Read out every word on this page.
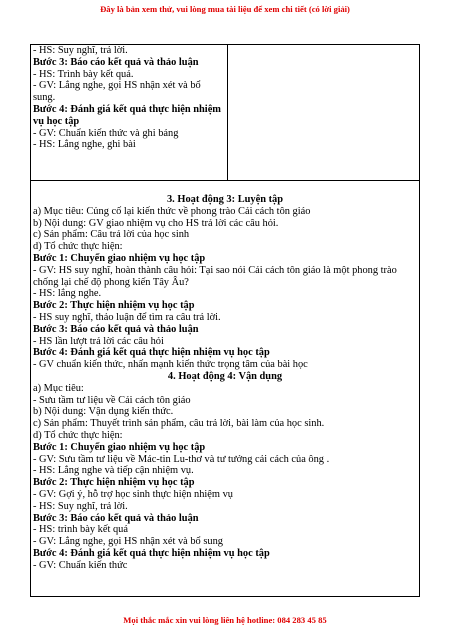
Đây là bản xem thử, vui lòng mua tài liệu để xem chi tiết (có lời giải)

- HS: Suy nghĩ, trả lời.

Bước 3: Báo cáo kết quả và thảo luận

- HS: Trình bày kết quả.

- GV: Lắng nghe, gọi HS nhận xét và bổ sung.

Bước 4: Đánh giá kết quả thực hiện nhiệm vụ học tập

- GV: Chuẩn kiến thức và ghi bảng

- HS: Lắng nghe, ghi bài

3. Hoạt động 3: Luyện tập

a) Mục tiêu: Củng cố lại kiến thức về phong trào Cải cách tôn giáo

b) Nội dung: GV giao nhiệm vụ cho HS trả lời các câu hỏi.

c) Sản phẩm: Câu trả lời của học sinh

d) Tổ chức thực hiện:

Bước 1: Chuyển giao nhiệm vụ học tập

- GV: HS suy nghĩ, hoàn thành câu hỏi: Tại sao nói Cải cách tôn giáo là một phong trào chống lại chế độ phong kiến Tây Âu?

- HS: lắng nghe.

Bước 2: Thực hiện nhiệm vụ học tập

- HS suy nghĩ, thảo luận để tìm ra câu trả lời.

Bước 3: Báo cáo kết quả và thảo luận

- HS lần lượt trả lời các câu hỏi

Bước 4: Đánh giá kết quả thực hiện nhiệm vụ học tập

- GV chuẩn kiến thức, nhấn mạnh kiến thức trọng tâm của bài học

4. Hoạt động 4: Vận dụng

a) Mục tiêu:

- Sưu tầm tư liệu về Cải cách tôn giáo

b) Nội dung: Vận dụng kiến thức.

c) Sản phẩm: Thuyết trình sản phẩm, câu trả lời, bài làm của học sinh.

d) Tổ chức thực hiện:

Bước 1: Chuyển giao nhiệm vụ học tập

- GV: Sưu tầm tư liệu về Mác-tin Lu-thơ và tư tưởng cải cách của ông .

- HS: Lắng nghe và tiếp cận nhiệm vụ.

Bước 2: Thực hiện nhiệm vụ học tập

- GV: Gợi ý, hỗ trợ học sinh thực hiện nhiệm vụ

- HS: Suy nghĩ, trả lời.

Bước 3: Báo cáo kết quả và thảo luận

- HS: trình bày kết quả

- GV: Lắng nghe, gọi HS nhận xét và bổ sung

Bước 4: Đánh giá kết quả thực hiện nhiệm vụ học tập

- GV: Chuẩn kiến thức

Mọi thắc mắc xin vui lòng liên hệ hotline: 084 283 45 85
